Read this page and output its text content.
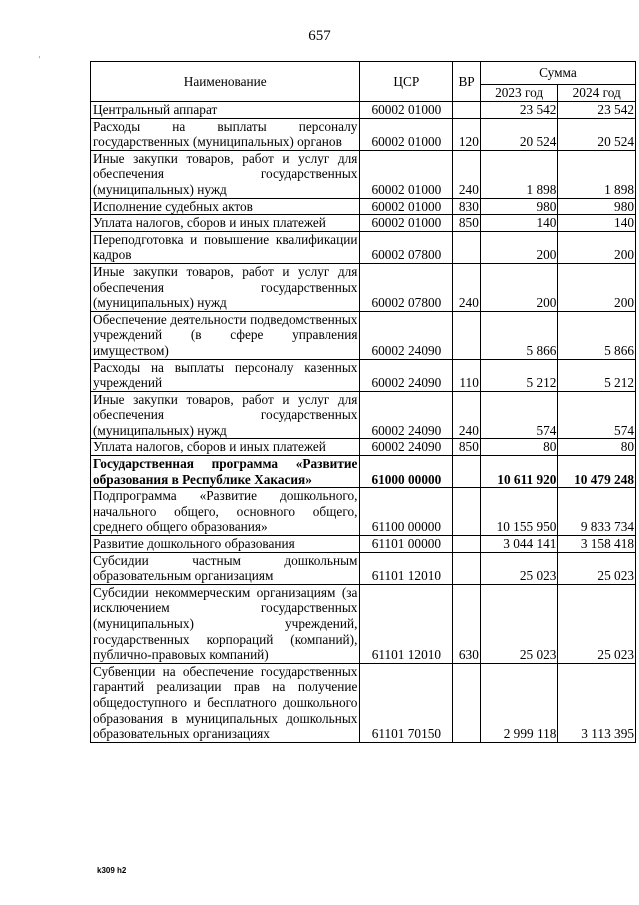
657
`
Наименование	ЦСР	ВР	Сумма	
			2023 год	2024 год
Центральный аппарат	60002 01000		23 542	23 542
Расходы на выплаты персоналу государственных (муниципальных) органов	60002 01000	120	20 524	20 524
Иные закупки товаров, работ и услуг для обеспечения государственных (муниципальных) нужд	60002 01000	240	1 898	1 898
Исполнение судебных актов	60002 01000	830	980	980
Уплата налогов, сборов и иных платежей	60002 01000	850	140	140
Переподготовка и повышение квалификации кадров	60002 07800		200	200
Иные закупки товаров, работ и услуг для обеспечения государственных (муниципальных) нужд	60002 07800	240	200	200
Обеспечение деятельности подведомственных учреждений (в сфере управления имуществом)	60002 24090		5 866	5 866
Расходы на выплаты персоналу казенных учреждений	60002 24090	110	5 212	5 212
Иные закупки товаров, работ и услуг для обеспечения государственных (муниципальных) нужд	60002 24090	240	574	574
Уплата налогов, сборов и иных платежей	60002 24090	850	80	80
Государственная программа «Развитие образования в Республике Хакасия»	61000 00000		10 611 920	10 479 248
Подпрограмма «Развитие дошкольного, начального общего, основного общего, среднего общего образования»	61100 00000		10 155 950	9 833 734
Развитие дошкольного образования	61101 00000		3 044 141	3 158 418
Субсидии частным дошкольным образовательным организациям	61101 12010		25 023	25 023
Субсидии некоммерческим организациям (за исключением государственных (муниципальных) учреждений, государственных корпораций (компаний), публично-правовых компаний)	61101 12010	630	25 023	25 023
Субвенции на обеспечение государственных гарантий реализации прав на получение общедоступного и бесплатного дошкольного образования в муниципальных дошкольных образовательных организациях	61101 70150		2 999 118	3 113 395
k309 h2
